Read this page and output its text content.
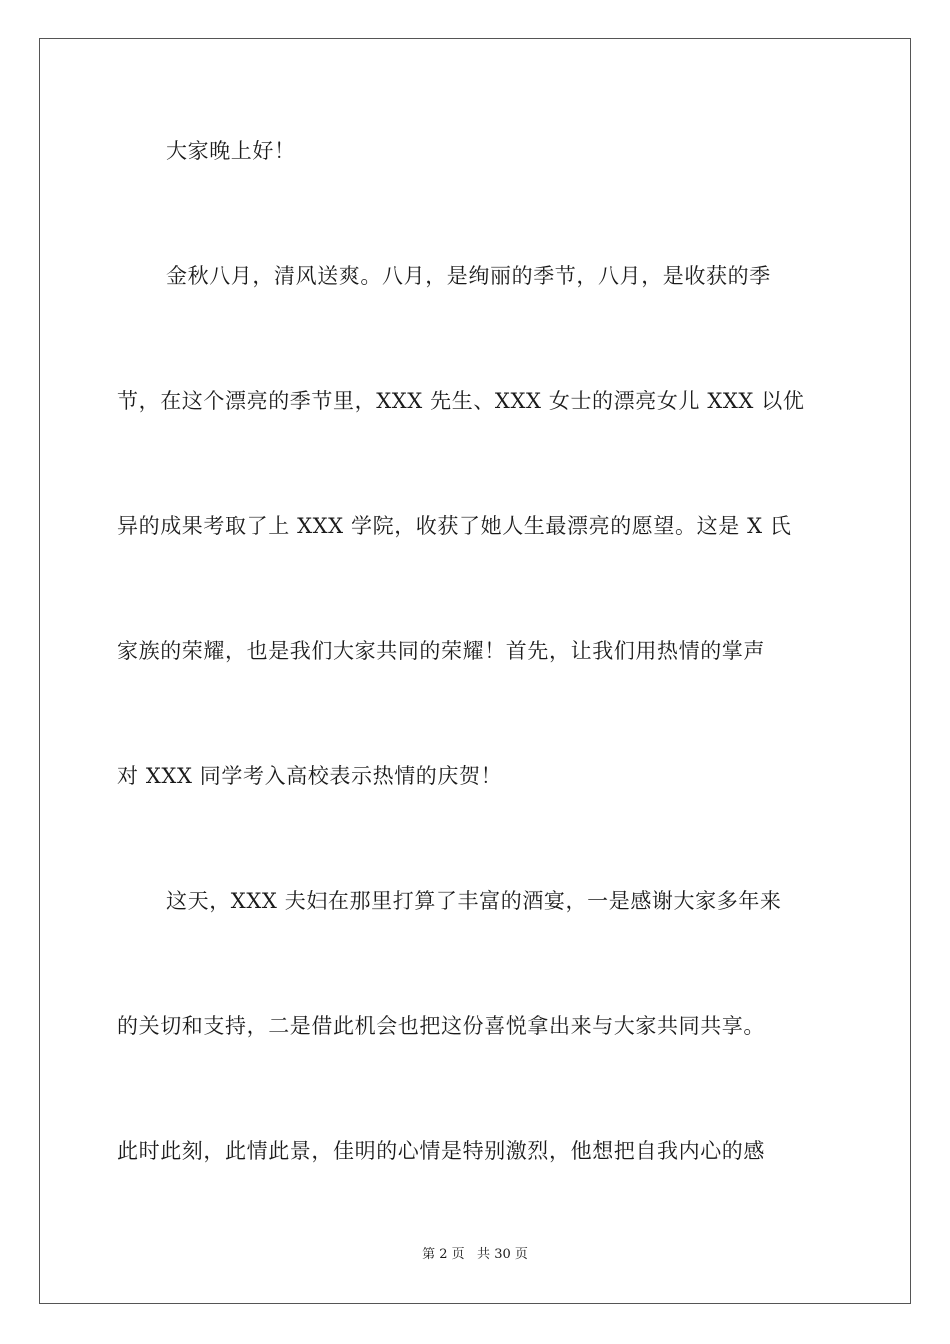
大家晚上好！
金秋八月，清风送爽。八月，是绚丽的季节，八月，是收获的季
节，在这个漂亮的季节里，XXX 先生、XXX 女士的漂亮女儿 XXX 以优
异的成果考取了上 XXX 学院，收获了她人生最漂亮的愿望。这是 X 氏
家族的荣耀，也是我们大家共同的荣耀！首先，让我们用热情的掌声
对 XXX 同学考入高校表示热情的庆贺！
这天，XXX 夫妇在那里打算了丰富的酒宴，一是感谢大家多年来
的关切和支持，二是借此机会也把这份喜悦拿出来与大家共同共享。
此时此刻，此情此景，佳明的心情是特别激烈，他想把自我内心的感
第 2 页   共 30 页
